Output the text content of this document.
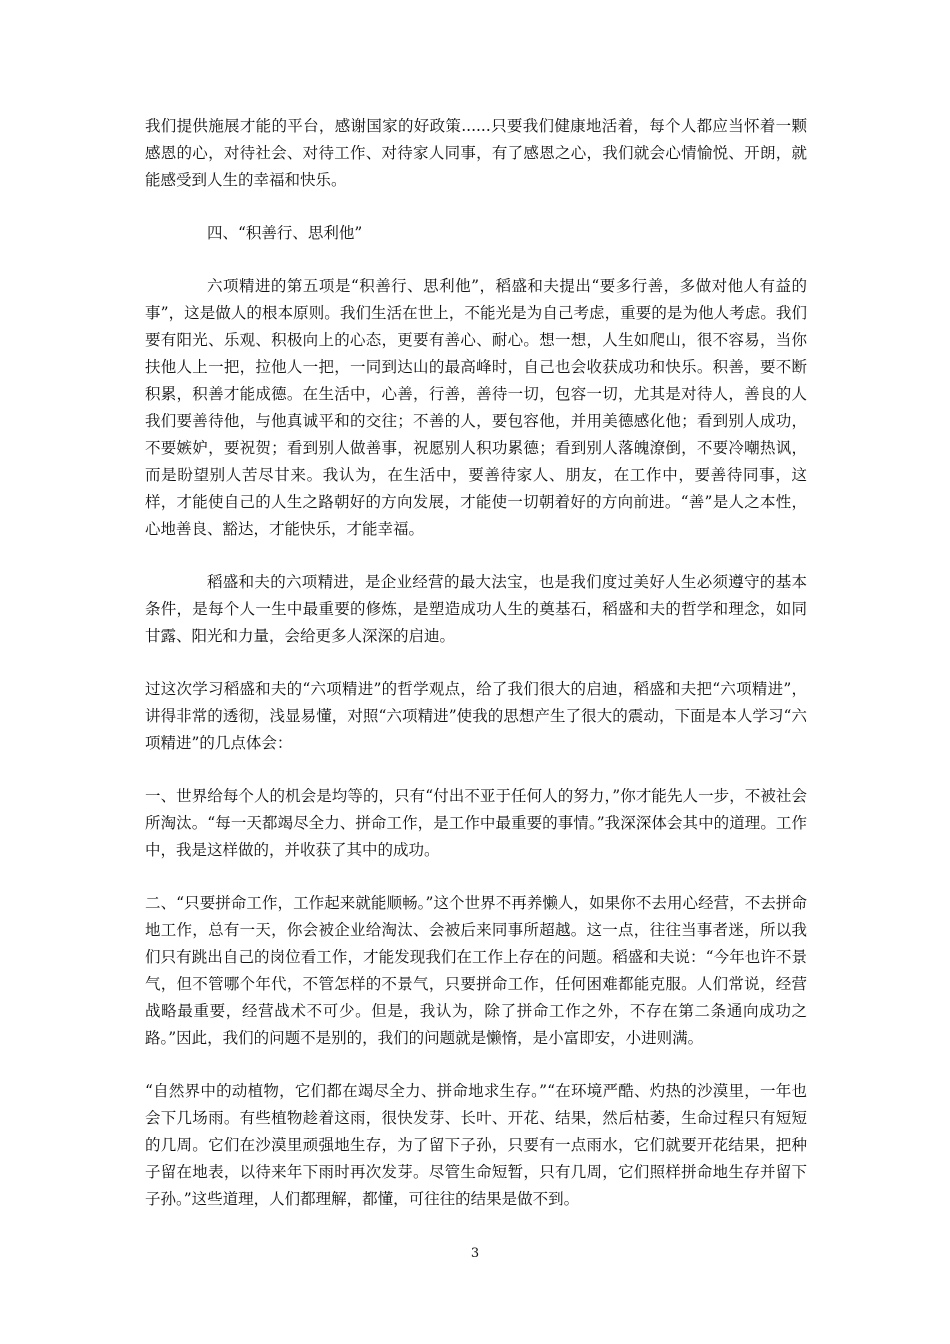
我们提供施展才能的平台，感谢国家的好政策......只要我们健康地活着，每个人都应当怀着一颗感恩的心，对待社会、对待工作、对待家人同事，有了感恩之心，我们就会心情愉悦、开朗，就能感受到人生的幸福和快乐。

四、“积善行、思利他”

六项精进的第五项是“积善行、思利他”，稻盛和夫提出“要多行善，多做对他人有益的事”，这是做人的根本原则。我们生活在世上，不能光是为自己考虑，重要的是为他人考虑。我们要有阳光、乐观、积极向上的心态，更要有善心、耐心。想一想，人生如爬山，很不容易，当你扶他人上一把，拉他人一把，一同到达山的最高峰时，自己也会收获成功和快乐。积善，要不断积累，积善才能成德。在生活中，心善，行善，善待一切，包容一切，尤其是对待人，善良的人我们要善待他，与他真诚平和的交往；不善的人，要包容他，并用美德感化他；看到别人成功，不要嫉妒，要祝贺；看到别人做善事，祝愿别人积功累德；看到别人落魄潦倒，不要冷嘲热讽，而是盼望别人苦尽甘来。我认为，在生活中，要善待家人、朋友，在工作中，要善待同事，这样，才能使自己的人生之路朝好的方向发展，才能使一切朝着好的方向前进。“善”是人之本性，心地善良、豁达，才能快乐，才能幸福。

稻盛和夫的六项精进，是企业经营的最大法宝，也是我们度过美好人生必须遵守的基本条件，是每个人一生中最重要的修炼，是塑造成功人生的奠基石，稻盛和夫的哲学和理念，如同甘露、阳光和力量，会给更多人深深的启迪。

过这次学习稻盛和夫的“六项精进”的哲学观点，给了我们很大的启迪，稻盛和夫把“六项精进”，讲得非常的透彻，浅显易懂，对照“六项精进”使我的思想产生了很大的震动，下面是本人学习“六项精进”的几点体会：

一、世界给每个人的机会是均等的，只有“付出不亚于任何人的努力，”你才能先人一步，不被社会所淘汰。“每一天都竭尽全力、拼命工作，是工作中最重要的事情。”我深深体会其中的道理。工作中，我是这样做的，并收获了其中的成功。

二、“只要拼命工作，工作起来就能顺畅。”这个世界不再养懒人，如果你不去用心经营，不去拼命地工作，总有一天，你会被企业给淘汰、会被后来同事所超越。这一点，往往当事者迷，所以我们只有跳出自己的岗位看工作，才能发现我们在工作上存在的问题。稻盛和夫说：“今年也许不景气，但不管哪个年代，不管怎样的不景气，只要拼命工作，任何困难都能克服。人们常说，经营战略最重要，经营战术不可少。但是，我认为，除了拼命工作之外，不存在第二条通向成功之路。”因此，我们的问题不是别的，我们的问题就是懒惰，是小富即安，小进则满。

“自然界中的动植物，它们都在竭尽全力、拼命地求生存。”“在环境严酷、灼热的沙漠里，一年也会下几场雨。有些植物趁着这雨，很快发芽、长叶、开花、结果，然后枯萎，生命过程只有短短的几周。它们在沙漠里顽强地生存，为了留下子孙，只要有一点雨水，它们就要开花结果，把种子留在地表，以待来年下雨时再次发芽。尽管生命短暂，只有几周，它们照样拼命地生存并留下子孙。”这些道理，人们都理解，都懂，可往往的结果是做不到。

3
